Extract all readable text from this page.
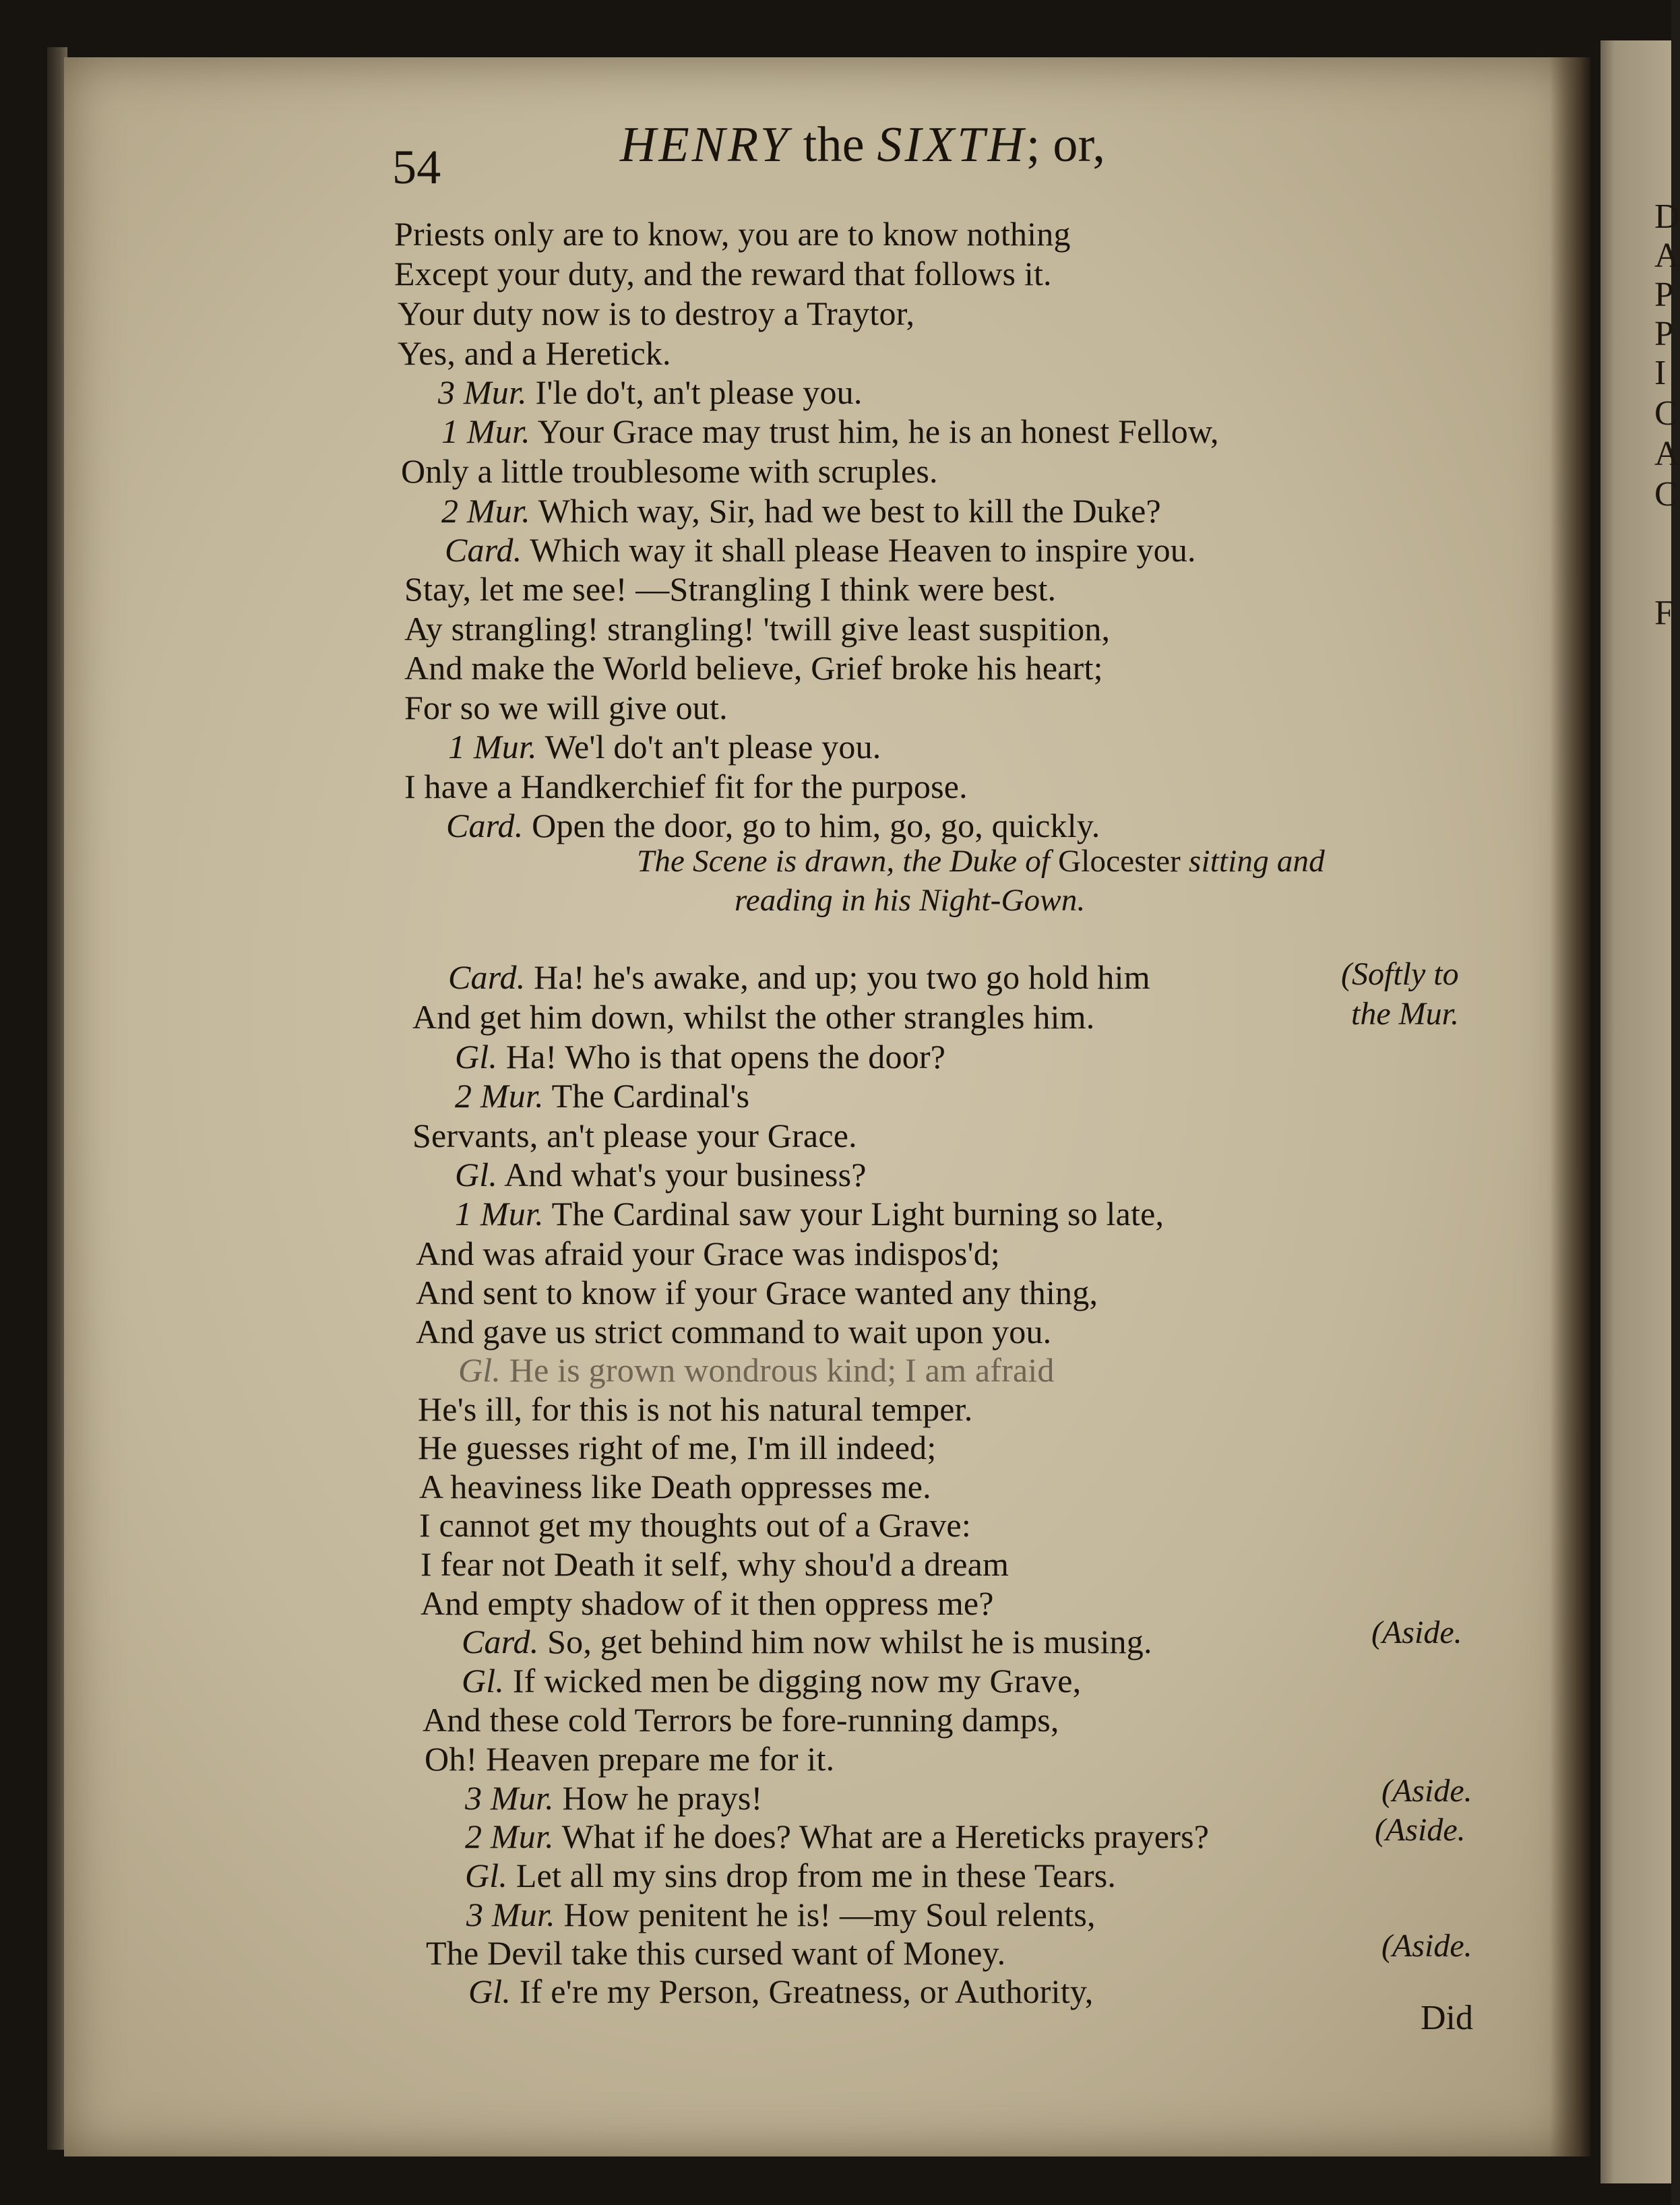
D
A
P
P
I
C
A
C
F
54	HENRY the SIXTH; or,
Priests only are to know, you are to know nothing
Except your duty, and the reward that follows it.
Your duty now is to destroy a Traytor,
Yes, and a Heretick.
3 Mur. I'le do't, an't please you.
1 Mur. Your Grace may trust him, he is an honest Fellow,
Only a little troublesome with scruples.
2 Mur. Which way, Sir, had we best to kill the Duke?
Card. Which way it shall please Heaven to inspire you.
Stay, let me see! —Strangling I think were best.
Ay strangling! strangling! 'twill give least suspition,
And make the World believe, Grief broke his heart;
For so we will give out.
1 Mur. We'l do't an't please you.
I have a Handkerchief fit for the purpose.
Card. Open the door, go to him, go, go, quickly.
The Scene is drawn, the Duke of Glocester sitting and
reading in his Night-Gown.
Card. Ha! he's awake, and up; you two go hold him
And get him down, whilst the other strangles him.
Gl. Ha! Who is that opens the door?
2 Mur. The Cardinal's
Servants, an't please your Grace.
Gl. And what's your business?
1 Mur. The Cardinal saw your Light burning so late,
And was afraid your Grace was indispos'd;
And sent to know if your Grace wanted any thing,
And gave us strict command to wait upon you.
Gl. He is grown wondrous kind; I am afraid
He's ill, for this is not his natural temper.
He guesses right of me, I'm ill indeed;
A heaviness like Death oppresses me.
I cannot get my thoughts out of a Grave:
I fear not Death it self, why shou'd a dream
And empty shadow of it then oppress me?
Card. So, get behind him now whilst he is musing.
Gl. If wicked men be digging now my Grave,
And these cold Terrors be fore-running damps,
Oh! Heaven prepare me for it.
3 Mur. How he prays!
2 Mur. What if he does? What are a Hereticks prayers?
Gl. Let all my sins drop from me in these Tears.
3 Mur. How penitent he is! —my Soul relents,
The Devil take this cursed want of Money.
Gl. If e're my Person, Greatness, or Authority,
(Softly to
the Mur.
(Aside.
(Aside.
(Aside.
(Aside.
Did
